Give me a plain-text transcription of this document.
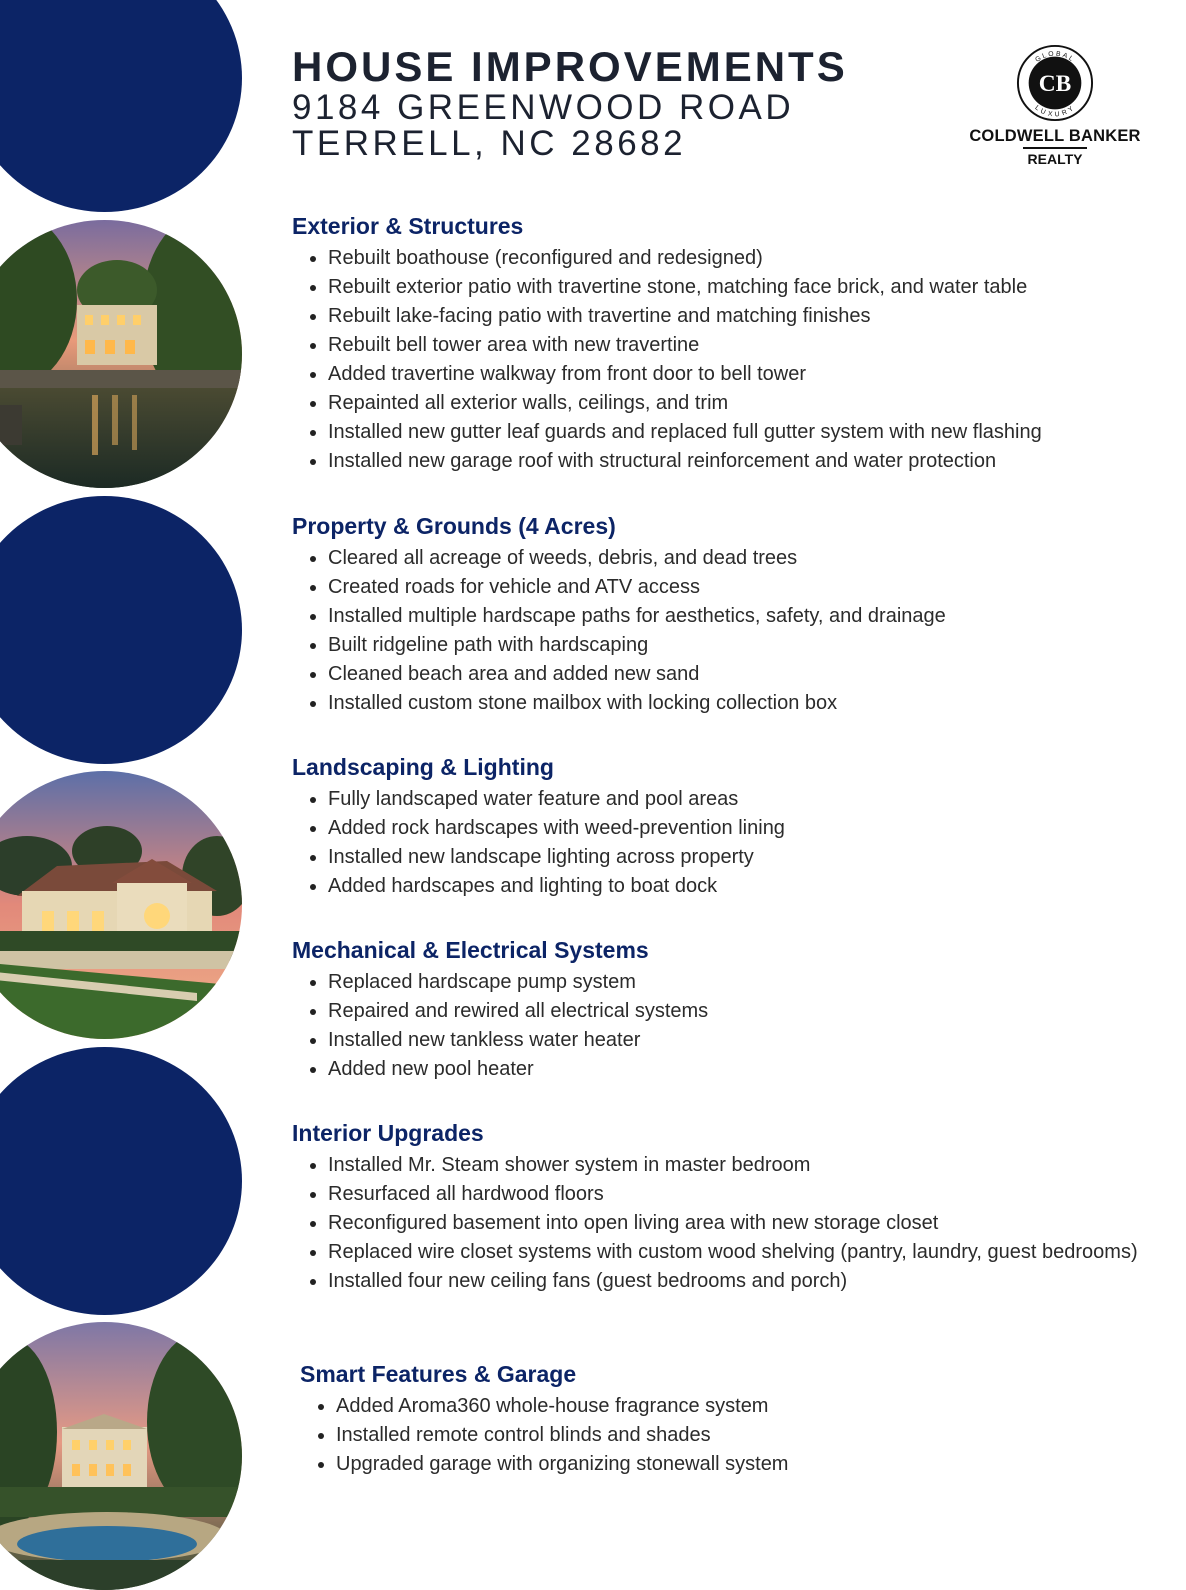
HOUSE IMPROVEMENTS

9184 GREENWOOD ROAD

TERRELL, NC 28682

GLOBAL
LUXURY
CB
COLDWELL BANKER
REALTY
Exterior & Structures
• Rebuilt boathouse (reconfigured and redesigned)
• Rebuilt exterior patio with travertine stone, matching face brick, and water table
• Rebuilt lake-facing patio with travertine and matching finishes
• Rebuilt bell tower area with new travertine
• Added travertine walkway from front door to bell tower
• Repainted all exterior walls, ceilings, and trim
• Installed new gutter leaf guards and replaced full gutter system with new flashing
• Installed new garage roof with structural reinforcement and water protection
Property & Grounds (4 Acres)
• Cleared all acreage of weeds, debris, and dead trees
• Created roads for vehicle and ATV access
• Installed multiple hardscape paths for aesthetics, safety, and drainage
• Built ridgeline path with hardscaping
• Cleaned beach area and added new sand
• Installed custom stone mailbox with locking collection box
Landscaping & Lighting
• Fully landscaped water feature and pool areas
• Added rock hardscapes with weed-prevention lining
• Installed new landscape lighting across property
• Added hardscapes and lighting to boat dock
Mechanical & Electrical Systems
• Replaced hardscape pump system
• Repaired and rewired all electrical systems
• Installed new tankless water heater
• Added new pool heater
Interior Upgrades
• Installed Mr. Steam shower system in master bedroom
• Resurfaced all hardwood floors
• Reconfigured basement into open living area with new storage closet
• Replaced wire closet systems with custom wood shelving (pantry, laundry, guest bedrooms)
• Installed four new ceiling fans (guest bedrooms and porch)
Smart Features & Garage
• Added Aroma360 whole-house fragrance system
• Installed remote control blinds and shades
• Upgraded garage with organizing stonewall system
